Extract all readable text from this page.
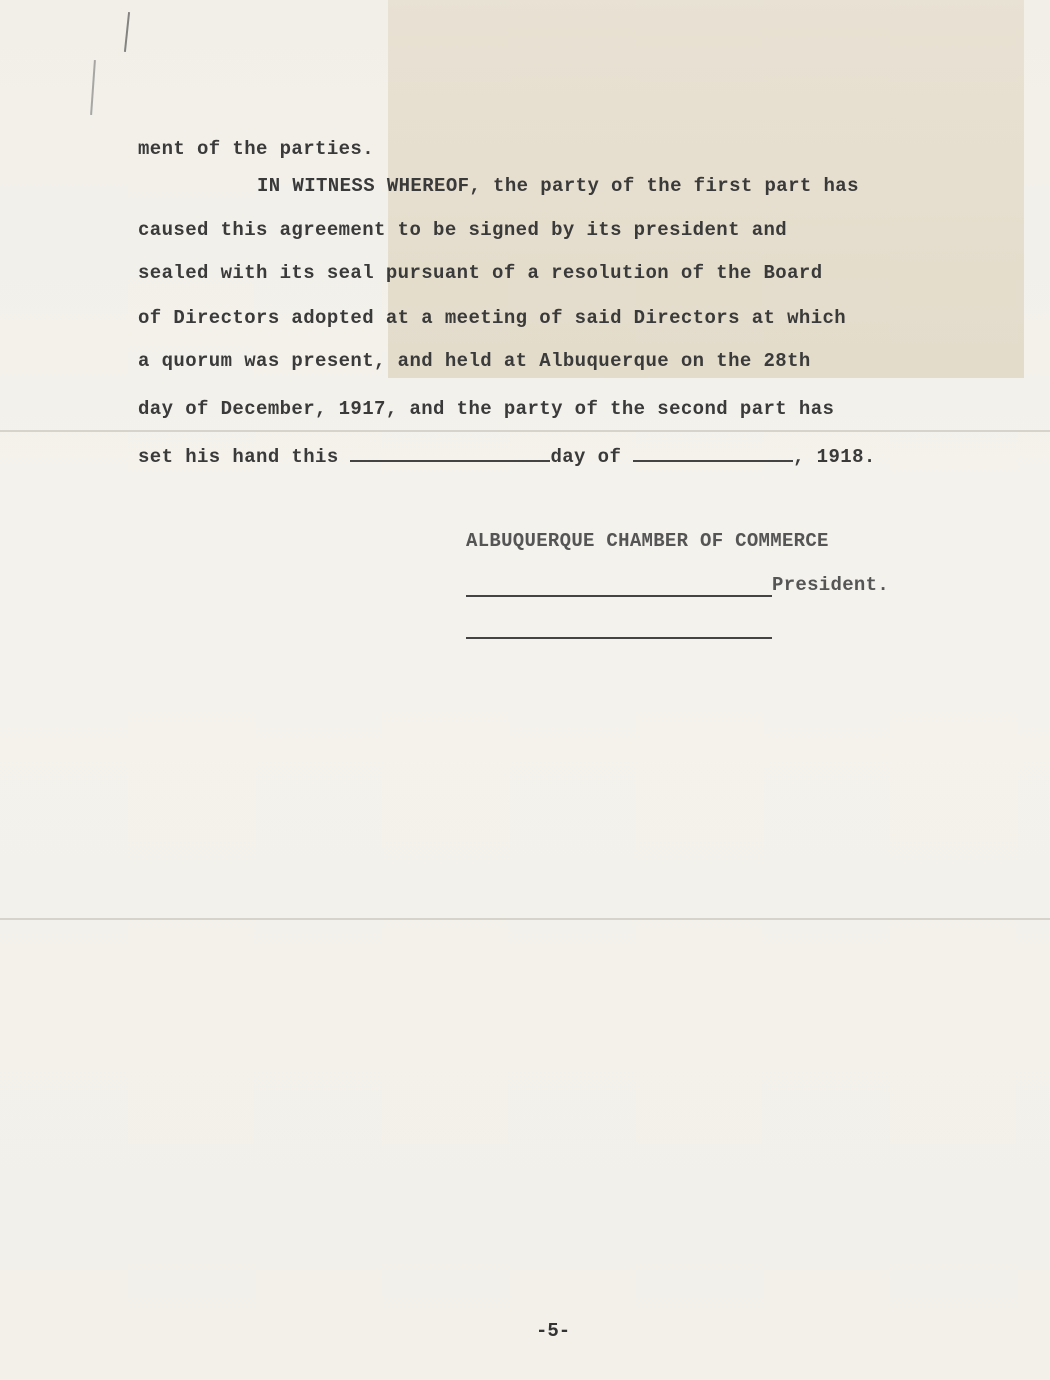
ment of the parties.
IN WITNESS WHEREOF, the party of the first part has
caused this agreement to be signed by its president and
sealed with its seal pursuant of a resolution of the Board
of Directors adopted at a meeting of said Directors at which
a quorum was present, and held at Albuquerque on the 28th
day of December, 1917, and the party of the second part has
set his hand this	day of	, 1918.
ALBUQUERQUE CHAMBER OF COMMERCE
President.
-5-
